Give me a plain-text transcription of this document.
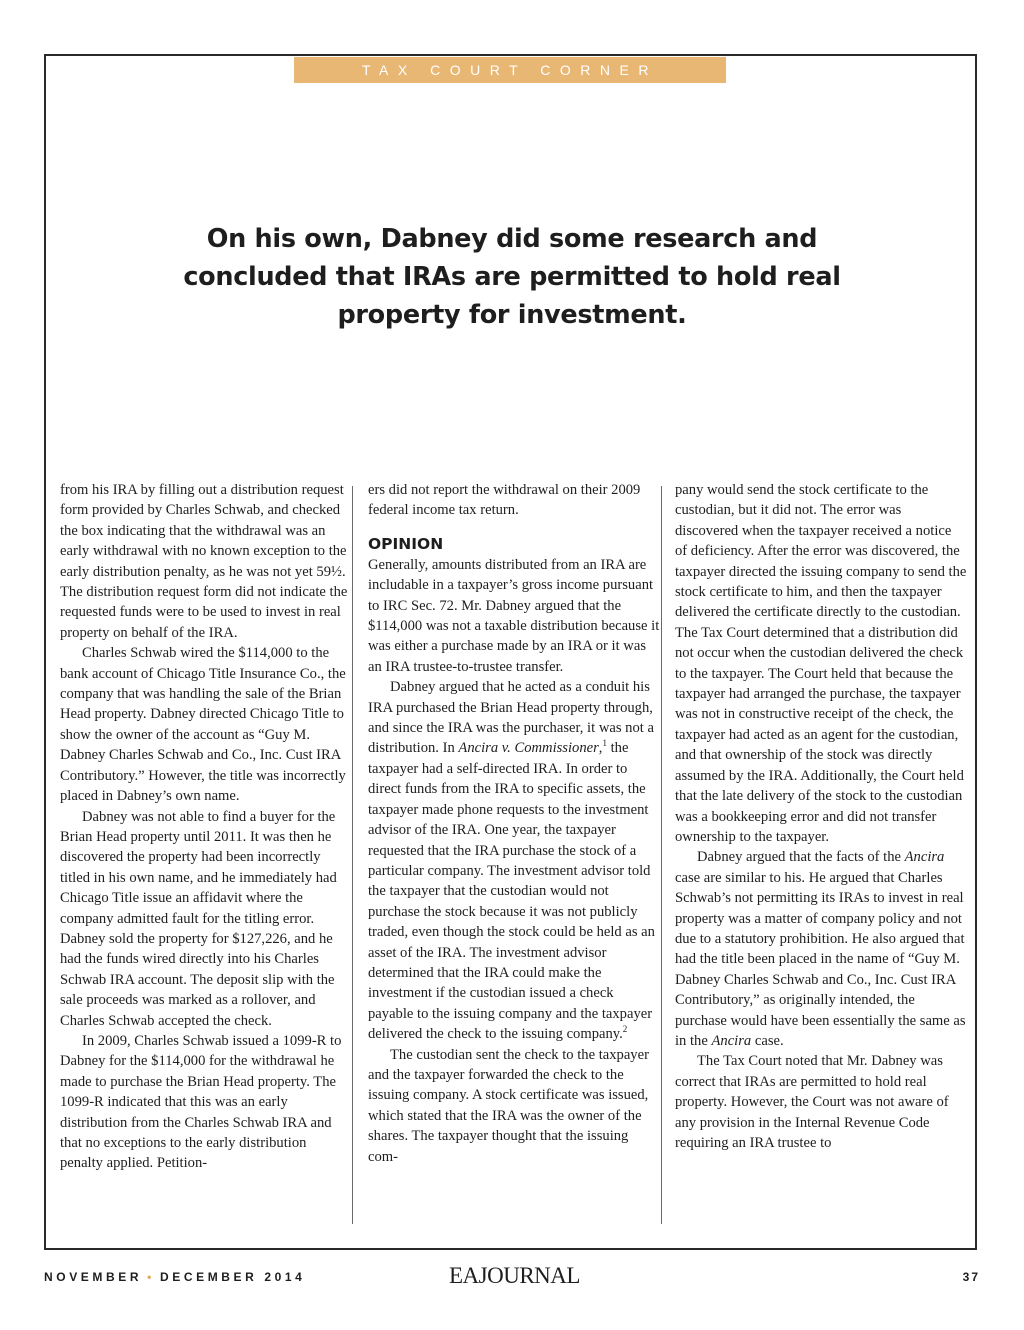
TAX COURT CORNER
On his own, Dabney did some research and
concluded that IRAs are permitted to hold real
property for investment.

from his IRA by filling out a distribution request form provided by Charles Schwab, and checked the box indicating that the withdrawal was an early withdrawal with no known exception to the early distribution penalty, as he was not yet 59½. The distribution request form did not indicate the requested funds were to be used to invest in real property on behalf of the IRA.

Charles Schwab wired the $114,000 to the bank account of Chicago Title Insurance Co., the company that was handling the sale of the Brian Head property. Dabney directed Chicago Title to show the owner of the account as “Guy M. Dabney Charles Schwab and Co., Inc. Cust IRA Contributory.” However, the title was incorrectly placed in Dabney’s own name.

Dabney was not able to find a buyer for the Brian Head property until 2011. It was then he discovered the property had been incorrectly titled in his own name, and he immediately had Chicago Title issue an affidavit where the company admitted fault for the titling error. Dabney sold the property for $127,226, and he had the funds wired directly into his Charles Schwab IRA account. The deposit slip with the sale proceeds was marked as a rollover, and Charles Schwab accepted the check.

In 2009, Charles Schwab issued a 1099-R to Dabney for the $114,000 for the withdrawal he made to purchase the Brian Head property. The 1099-R indicated that this was an early distribution from the Charles Schwab IRA and that no exceptions to the early distribution penalty applied. Petition-

ers did not report the withdrawal on their 2009 federal income tax return.

OPINION

Generally, amounts distributed from an IRA are includable in a taxpayer’s gross income pursuant to IRC Sec. 72. Mr. Dabney argued that the $114,000 was not a taxable distribution because it was either a purchase made by an IRA or it was an IRA trustee-to-trustee transfer.

Dabney argued that he acted as a conduit his IRA purchased the Brian Head property through, and since the IRA was the purchaser, it was not a distribution. In Ancira v. Commissioner,$^1$ the taxpayer had a self-directed IRA. In order to direct funds from the IRA to specific assets, the taxpayer made phone requests to the investment advisor of the IRA. One year, the taxpayer requested that the IRA purchase the stock of a particular company. The investment advisor told the taxpayer that the custodian would not purchase the stock because it was not publicly traded, even though the stock could be held as an asset of the IRA. The investment advisor determined that the IRA could make the investment if the custodian issued a check payable to the issuing company and the taxpayer delivered the check to the issuing company.$^2$

The custodian sent the check to the taxpayer and the taxpayer forwarded the check to the issuing company. A stock certificate was issued, which stated that the IRA was the owner of the shares. The taxpayer thought that the issuing com-

pany would send the stock certificate to the custodian, but it did not. The error was discovered when the taxpayer received a notice of deficiency. After the error was discovered, the taxpayer directed the issuing company to send the stock certificate to him, and then the taxpayer delivered the certificate directly to the custodian. The Tax Court determined that a distribution did not occur when the custodian delivered the check to the taxpayer. The Court held that because the taxpayer had arranged the purchase, the taxpayer was not in constructive receipt of the check, the taxpayer had acted as an agent for the custodian, and that ownership of the stock was directly assumed by the IRA. Additionally, the Court held that the late delivery of the stock to the custodian was a bookkeeping error and did not transfer ownership to the taxpayer.

Dabney argued that the facts of the Ancira case are similar to his. He argued that Charles Schwab’s not permitting its IRAs to invest in real property was a matter of company policy and not due to a statutory prohibition. He also argued that had the title been placed in the name of “Guy M. Dabney Charles Schwab and Co., Inc. Cust IRA Contributory,” as originally intended, the purchase would have been essentially the same as in the Ancira case.

The Tax Court noted that Mr. Dabney was correct that IRAs are permitted to hold real property. However, the Court was not aware of any provision in the Internal Revenue Code requiring an IRA trustee to

NOVEMBER • DECEMBER 2014	EAJOURNAL	37
